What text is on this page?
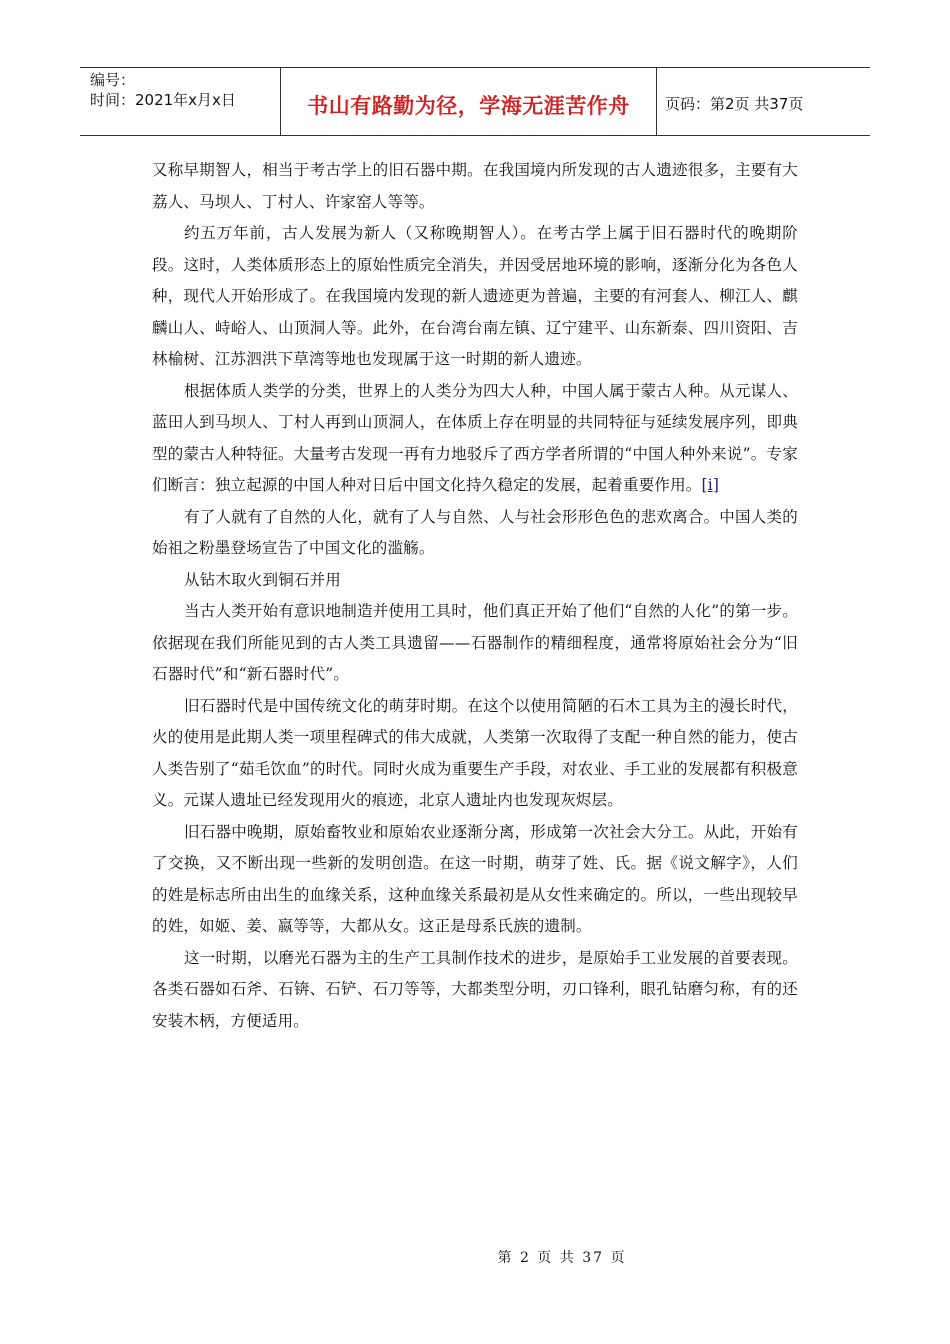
编号：
时间：2021年x月x日	书山有路勤为径，学海无涯苦作舟	页码：第2页 共37页

又称早期智人，相当于考古学上的旧石器中期。在我国境内所发现的古人遗迹很多，主要有大荔人、马坝人、丁村人、许家窑人等等。

约五万年前，古人发展为新人（又称晚期智人）。在考古学上属于旧石器时代的晚期阶段。这时，人类体质形态上的原始性质完全消失，并因受居地环境的影响，逐渐分化为各色人种，现代人开始形成了。在我国境内发现的新人遗迹更为普遍，主要的有河套人、柳江人、麒麟山人、峙峪人、山顶洞人等。此外，在台湾台南左镇、辽宁建平、山东新泰、四川资阳、吉林榆树、江苏泗洪下草湾等地也发现属于这一时期的新人遗迹。

根据体质人类学的分类，世界上的人类分为四大人种，中国人属于蒙古人种。从元谋人、蓝田人到马坝人、丁村人再到山顶洞人，在体质上存在明显的共同特征与延续发展序列，即典型的蒙古人种特征。大量考古发现一再有力地驳斥了西方学者所谓的“中国人种外来说”。专家们断言：独立起源的中国人种对日后中国文化持久稳定的发展，起着重要作用。[i]

有了人就有了自然的人化，就有了人与自然、人与社会形形色色的悲欢离合。中国人类的始祖之粉墨登场宣告了中国文化的滥觞。

从钻木取火到铜石并用

当古人类开始有意识地制造并使用工具时，他们真正开始了他们“自然的人化”的第一步。依据现在我们所能见到的古人类工具遗留——石器制作的精细程度，通常将原始社会分为“旧石器时代”和“新石器时代”。

旧石器时代是中国传统文化的萌芽时期。在这个以使用简陋的石木工具为主的漫长时代，火的使用是此期人类一项里程碑式的伟大成就，人类第一次取得了支配一种自然的能力，使古人类告别了“茹毛饮血”的时代。同时火成为重要生产手段，对农业、手工业的发展都有积极意义。元谋人遗址已经发现用火的痕迹，北京人遗址内也发现灰烬层。

旧石器中晚期，原始畜牧业和原始农业逐渐分离，形成第一次社会大分工。从此，开始有了交换，又不断出现一些新的发明创造。在这一时期，萌芽了姓、氏。据《说文解字》，人们的姓是标志所由出生的血缘关系，这种血缘关系最初是从女性来确定的。所以，一些出现较早的姓，如姬、姜、嬴等等，大都从女。这正是母系氏族的遗制。

这一时期，以磨光石器为主的生产工具制作技术的进步，是原始手工业发展的首要表现。各类石器如石斧、石锛、石铲、石刀等等，大都类型分明，刃口锋利，眼孔钻磨匀称，有的还安装木柄，方便适用。

第 2 页 共 37 页
